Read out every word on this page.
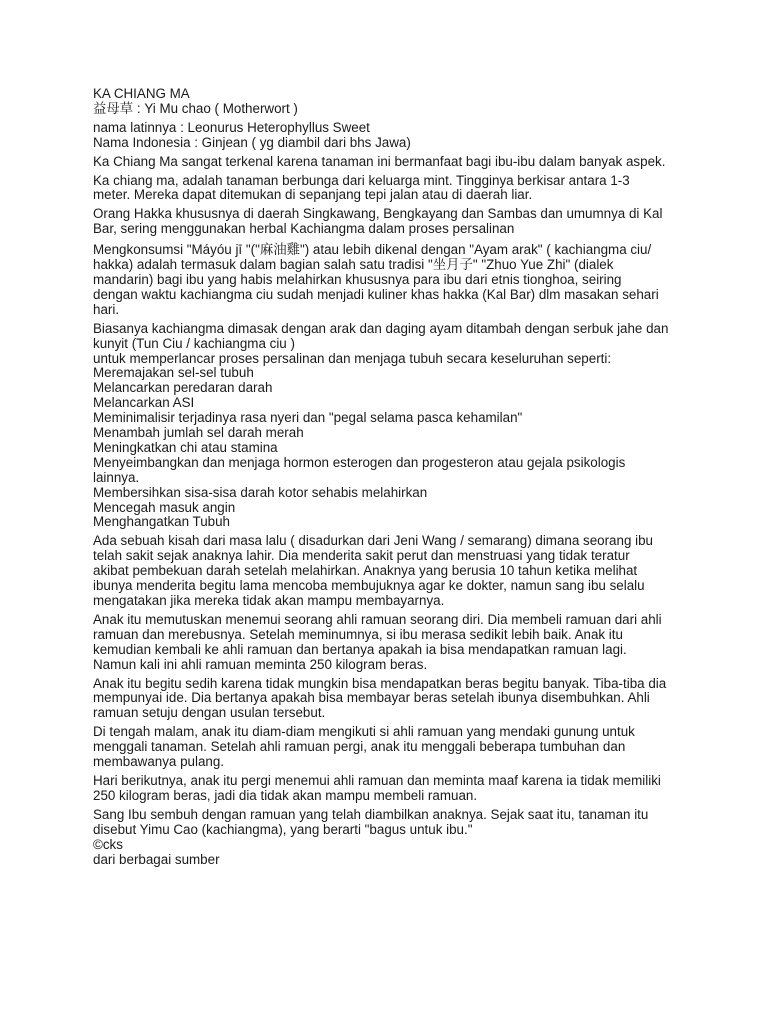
KA CHIANG MA
益母草 : Yi Mu chao ( Motherwort )
nama latinnya : Leonurus Heterophyllus Sweet
Nama Indonesia : Ginjean ( yg diambil dari bhs Jawa)
Ka Chiang Ma sangat terkenal karena tanaman ini bermanfaat bagi ibu-ibu dalam banyak aspek.
Ka chiang ma, adalah tanaman berbunga dari keluarga mint. Tingginya berkisar antara 1-3
meter. Mereka dapat ditemukan di sepanjang tepi jalan atau di daerah liar.
Orang Hakka khususnya di daerah Singkawang, Bengkayang dan Sambas dan umumnya di Kal
Bar, sering menggunakan herbal Kachiangma dalam proses persalinan
Mengkonsumsi "Máyóu jī "("麻油雞") atau lebih dikenal dengan "Ayam arak" ( kachiangma ciu/
hakka) adalah termasuk dalam bagian salah satu tradisi "坐月子" "Zhuo Yue Zhi" (dialek
mandarin) bagi ibu yang habis melahirkan khususnya para ibu dari etnis tionghoa, seiring
dengan waktu kachiangma ciu sudah menjadi kuliner khas hakka (Kal Bar) dlm masakan sehari
hari.
Biasanya kachiangma dimasak dengan arak dan daging ayam ditambah dengan serbuk jahe dan
kunyit (Tun Ciu / kachiangma ciu )
untuk memperlancar proses persalinan dan menjaga tubuh secara keseluruhan seperti:
Meremajakan sel-sel tubuh
Melancarkan peredaran darah
Melancarkan ASI
Meminimalisir terjadinya rasa nyeri dan "pegal selama pasca kehamilan"
Menambah jumlah sel darah merah
Meningkatkan chi atau stamina
Menyeimbangkan dan menjaga hormon esterogen dan progesteron atau gejala psikologis
lainnya.
Membersihkan sisa-sisa darah kotor sehabis melahirkan
Mencegah masuk angin
Menghangatkan Tubuh
Ada sebuah kisah dari masa lalu ( disadurkan dari Jeni Wang / semarang) dimana seorang ibu
telah sakit sejak anaknya lahir. Dia menderita sakit perut dan menstruasi yang tidak teratur
akibat pembekuan darah setelah melahirkan. Anaknya yang berusia 10 tahun ketika melihat
ibunya menderita begitu lama mencoba membujuknya agar ke dokter, namun sang ibu selalu
mengatakan jika mereka tidak akan mampu membayarnya.
Anak itu memutuskan menemui seorang ahli ramuan seorang diri. Dia membeli ramuan dari ahli
ramuan dan merebusnya. Setelah meminumnya, si ibu merasa sedikit lebih baik. Anak itu
kemudian kembali ke ahli ramuan dan bertanya apakah ia bisa mendapatkan ramuan lagi.
Namun kali ini ahli ramuan meminta 250 kilogram beras.
Anak itu begitu sedih karena tidak mungkin bisa mendapatkan beras begitu banyak. Tiba-tiba dia
mempunyai ide. Dia bertanya apakah bisa membayar beras setelah ibunya disembuhkan. Ahli
ramuan setuju dengan usulan tersebut.
Di tengah malam, anak itu diam-diam mengikuti si ahli ramuan yang mendaki gunung untuk
menggali tanaman. Setelah ahli ramuan pergi, anak itu menggali beberapa tumbuhan dan
membawanya pulang.
Hari berikutnya, anak itu pergi menemui ahli ramuan dan meminta maaf karena ia tidak memiliki
250 kilogram beras, jadi dia tidak akan mampu membeli ramuan.
Sang Ibu sembuh dengan ramuan yang telah diambilkan anaknya. Sejak saat itu, tanaman itu
disebut Yimu Cao (kachiangma), yang berarti "bagus untuk ibu."
©cks
dari berbagai sumber
